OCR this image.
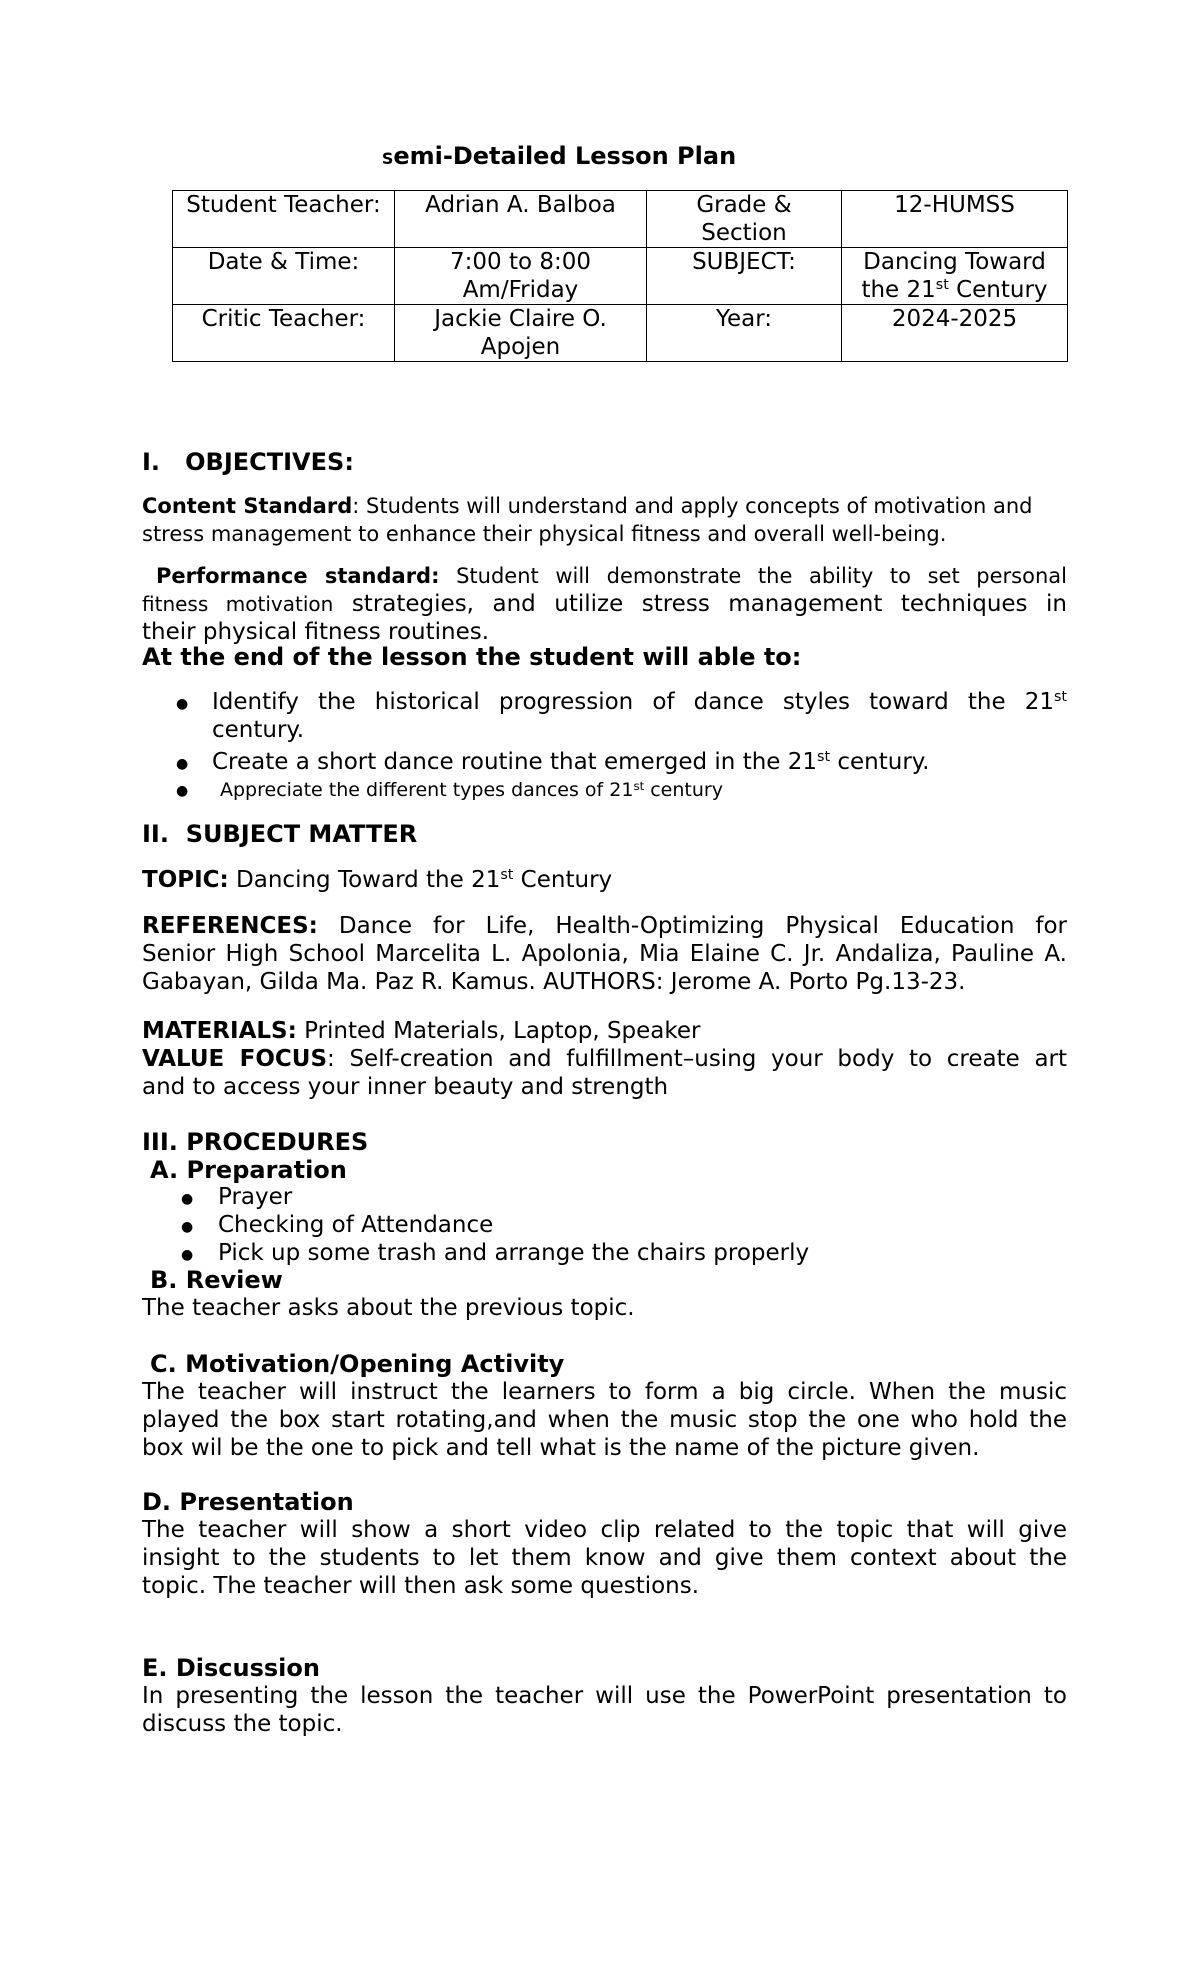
Semi-Detailed Lesson Plan
Student Teacher:	Adrian A. Balboa	Grade & Section	12-HUMSS
Date & Time:	7:00 to 8:00 Am/Friday	SUBJECT:	Dancing Toward the 21st Century
Critic Teacher:	Jackie Claire O. Apojen	Year:	2024-2025
I. OBJECTIVES:
Content Standard: Students will understand and apply concepts of motivation and
stress management to enhance their physical fitness and overall well-being.
Performance standard: Student will demonstrate the ability to set personal
fitness motivation strategies, and utilize stress management techniques in
their physical fitness routines.
At the end of the lesson the student will able to:
● Identify the historical progression of dance styles toward the 21st
century.
● Create a short dance routine that emerged in the 21st century.
● Appreciate the different types dances of 21st century
II. SUBJECT MATTER
TOPIC: Dancing Toward the 21st Century
REFERENCES: Dance for Life, Health-Optimizing Physical Education for
Senior High School Marcelita L. Apolonia, Mia Elaine C. Jr. Andaliza, Pauline A.
Gabayan, Gilda Ma. Paz R. Kamus. AUTHORS: Jerome A. Porto Pg.13-23.
MATERIALS: Printed Materials, Laptop, Speaker
VALUE FOCUS: Self-creation and fulfillment–using your body to create art
and to access your inner beauty and strength
III. PROCEDURES
A. Preparation
● Prayer
● Checking of Attendance
● Pick up some trash and arrange the chairs properly
B. Review
The teacher asks about the previous topic.
C. Motivation/Opening Activity
The teacher will instruct the learners to form a big circle. When the music
played the box start rotating,and when the music stop the one who hold the
box wil be the one to pick and tell what is the name of the picture given.
D. Presentation
The teacher will show a short video clip related to the topic that will give
insight to the students to let them know and give them context about the
topic. The teacher will then ask some questions.
E. Discussion
In presenting the lesson the teacher will use the PowerPoint presentation to
discuss the topic.
